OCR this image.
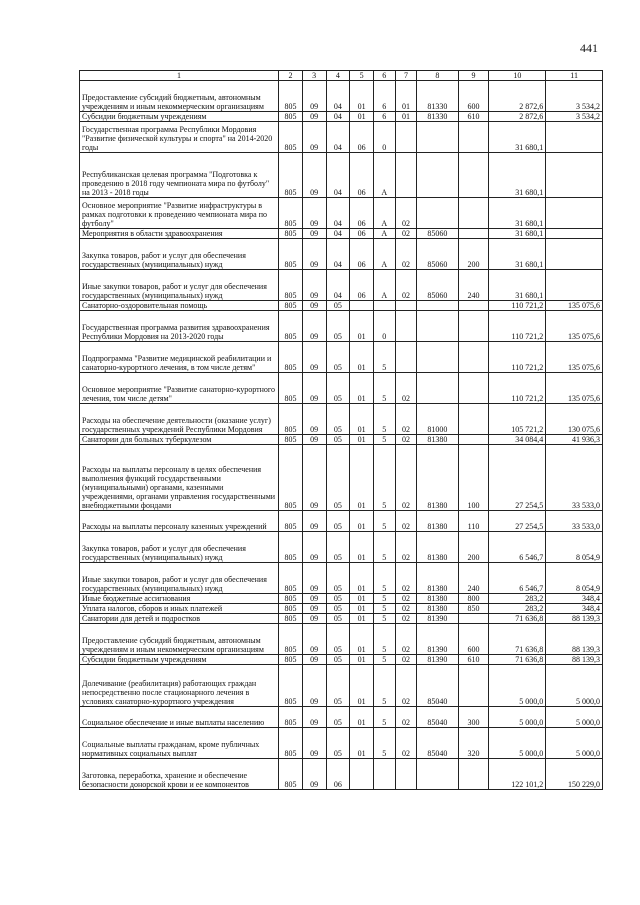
441
1	2	3	4	5	6	7	8	9	10	11
Предоставление субсидий бюджетным, автономным учреждениям и иным некоммерческим организациям	805	09	04	01	6	01	81330	600	2 872,6	3 534,2
Субсидии бюджетным учреждениям	805	09	04	01	6	01	81330	610	2 872,6	3 534,2
Государственная программа Республики Мордовия "Развитие физической культуры и спорта" на 2014-2020 годы	805	09	04	06	0				31 680,1	
Республиканская целевая программа "Подготовка к проведению в 2018 году чемпионата мира по футболу" на 2013 - 2018 годы	805	09	04	06	А				31 680,1	
Основное мероприятие "Развитие инфраструктуры в рамках подготовки к проведению чемпионата мира по футболу"	805	09	04	06	А	02			31 680,1	
Мероприятия в области здравоохранения	805	09	04	06	А	02	85060		31 680,1	
Закупка товаров, работ и услуг для обеспечения государственных (муниципальных) нужд	805	09	04	06	А	02	85060	200	31 680,1	
Иные закупки товаров, работ и услуг для обеспечения государственных (муниципальных) нужд	805	09	04	06	А	02	85060	240	31 680,1	
Санаторно-оздоровительная помощь	805	09	05						110 721,2	135 075,6
Государственная программа развития здравоохранения Республики Мордовия на 2013-2020 годы	805	09	05	01	0				110 721,2	135 075,6
Подпрограмма "Развитие медицинской реабилитации и санаторно-курортного лечения, в том числе детям"	805	09	05	01	5				110 721,2	135 075,6
Основное мероприятие "Развитие санаторно-курортного лечения, том числе детям"	805	09	05	01	5	02			110 721,2	135 075,6
Расходы на обеспечение деятельности (оказание услуг) государственных учреждений Республики Мордовия	805	09	05	01	5	02	81000		105 721,2	130 075,6
Санатории для больных туберкулезом	805	09	05	01	5	02	81380		34 084,4	41 936,3
Расходы на выплаты персоналу в целях обеспечения выполнения функций государственными (муниципальными) органами, казенными учреждениями, органами управления государственными внебюджетными фондами	805	09	05	01	5	02	81380	100	27 254,5	33 533,0
Расходы на выплаты персоналу казенных учреждений	805	09	05	01	5	02	81380	110	27 254,5	33 533,0
Закупка товаров, работ и услуг для обеспечения государственных (муниципальных) нужд	805	09	05	01	5	02	81380	200	6 546,7	8 054,9
Иные закупки товаров, работ и услуг для обеспечения государственных (муниципальных) нужд	805	09	05	01	5	02	81380	240	6 546,7	8 054,9
Иные бюджетные ассигнования	805	09	05	01	5	02	81380	800	283,2	348,4
Уплата налогов, сборов и иных платежей	805	09	05	01	5	02	81380	850	283,2	348,4
Санатории для детей и подростков	805	09	05	01	5	02	81390		71 636,8	88 139,3
Предоставление субсидий бюджетным, автономным учреждениям и иным некоммерческим организациям	805	09	05	01	5	02	81390	600	71 636,8	88 139,3
Субсидии бюджетным учреждениям	805	09	05	01	5	02	81390	610	71 636,8	88 139,3
Долечивание (реабилитация) работающих граждан непосредственно после стационарного лечения в условиях санаторно-курортного учреждения	805	09	05	01	5	02	85040		5 000,0	5 000,0
Социальное обеспечение и иные выплаты населению	805	09	05	01	5	02	85040	300	5 000,0	5 000,0
Социальные выплаты гражданам, кроме публичных нормативных социальных выплат	805	09	05	01	5	02	85040	320	5 000,0	5 000,0
Заготовка, переработка, хранение и обеспечение безопасности донорской крови и ее компонентов	805	09	06						122 101,2	150 229,0
